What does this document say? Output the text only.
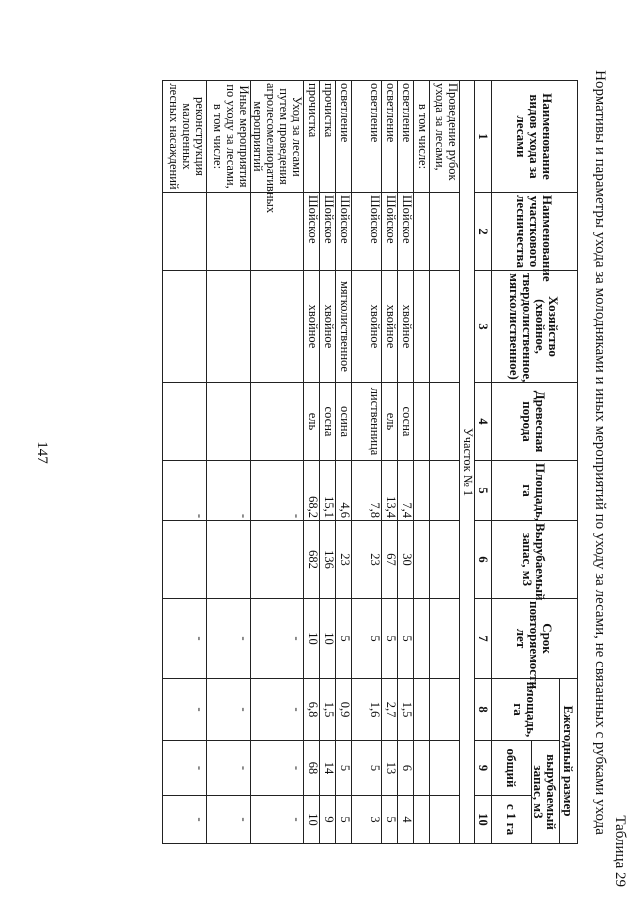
Таблица 29
Нормативы и параметры ухода за молодняками и иных мероприятий по уходу за лесами, не связанных с рубками ухода
Наименование видов ухода за лесами	Наименование участкового лесничества	Хозяйство (хвойное, твердолиственное, мягколиственное)	Древесная порода	Площадь, га	Вырубаемый запас, м3	Срок повторяемости, лет	Ежегодный размер		
							площадь, га	вырубаемый запас, м3	
								общий	с 1 га
1	2	3	4	5	6	7	8	9	10
Участок № 1									
Проведение рубок ухода за лесами,									
в том числе:									
осветление	Шойское	хвойное	сосна	7,4	30	5	1,5	6	4
осветление	Шойское	хвойное	ель	13,4	67	5	2,7	13	5
осветление	Шойское	хвойное	лиственница	7,8	23	5	1,6	5	3
осветление	Шойское	мягколиственное	осина	4,6	23	5	0,9	5	5
прочистка	Шойское	хвойное	сосна	15,1	136	10	1,5	14	9
прочистка	Шойское	хвойное	ель	68,2	682	10	6,8	68	10
Уход за лесами путем проведения агролесомелиоративных мероприятий				-		-	-	-	-
Иные мероприятия по уходу за лесами, в том числе:				-		-	-	-	-
реконструкция малоценных лесных насаждений				-		-	-	-	-
147
